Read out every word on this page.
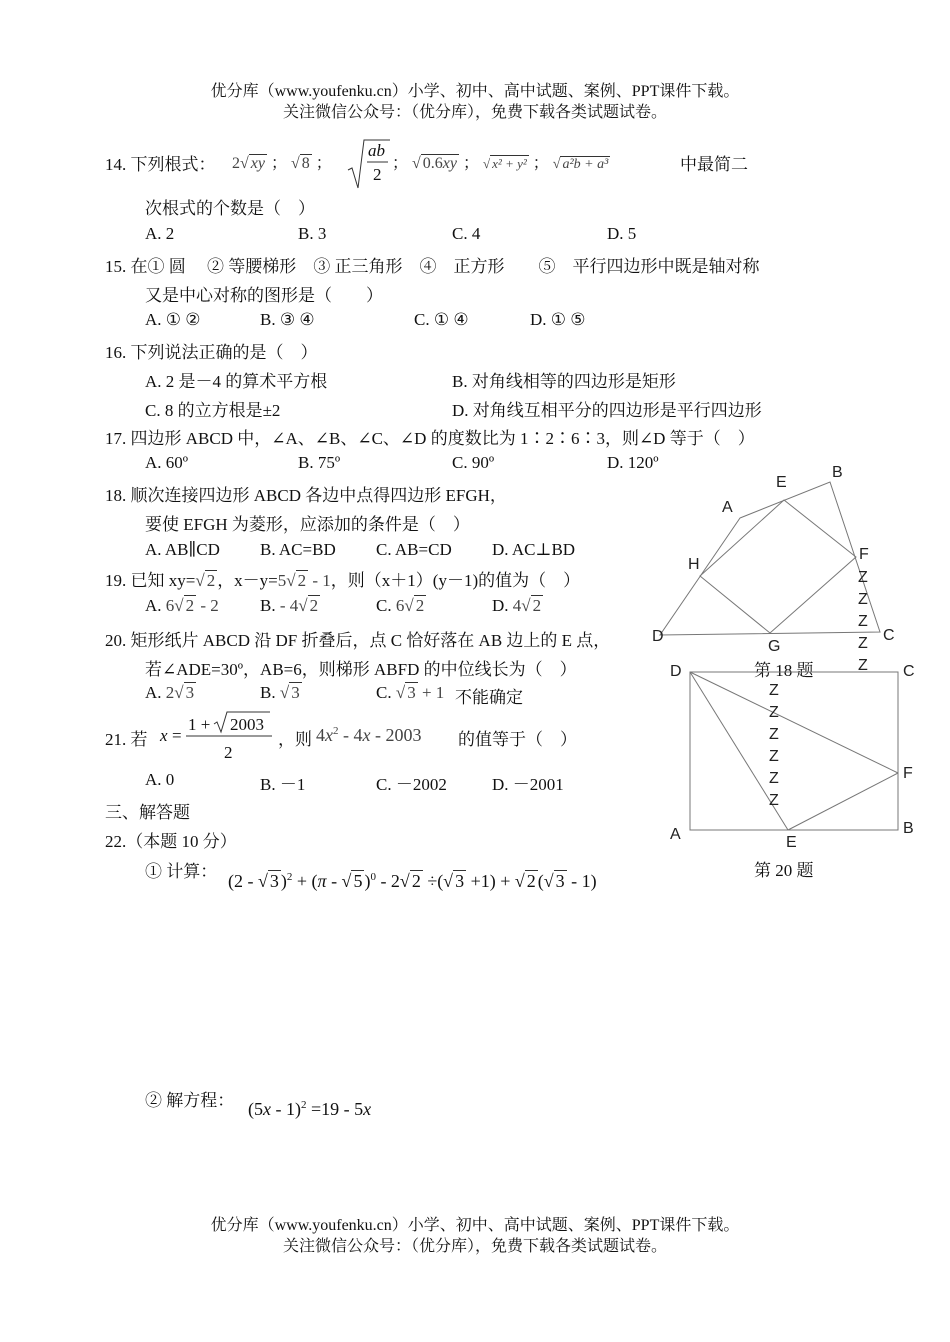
优分库（www.youfenku.cn）小学、初中、高中试题、案例、PPT课件下载。
关注微信公众号：（优分库），免费下载各类试题试卷。
14. 下列根式： 2√ xy ； √ 8 ；
ab
2
； √ 0.6xy ； √ x² + y² ； √ a²b + a³	中最简二
次根式的个数是（　）
A. 2	B. 3	C. 4	D. 5
15. 在① 圆　 ② 等腰梯形　③ 正三角形　④　正方形　　⑤　平行四边形中既是轴对称
又是中心对称的图形是（　　）
A. ① ②	B. ③ ④	C. ① ④	D. ① ⑤
16. 下列说法正确的是（　）
A. 2 是－4 的算术平方根	B. 对角线相等的四边形是矩形
C. 8 的立方根是±2	D. 对角线互相平分的四边形是平行四边形
17. 四边形 ABCD 中，∠A、∠B、∠C、∠D 的度数比为 1∶2∶6∶3，则∠D 等于（　）
A. 60º	B. 75º	C. 90º	D. 120º
18. 顺次连接四边形 ABCD 各边中点得四边形 EFGH，
要使 EFGH 为菱形，应添加的条件是（　）
A. AB∥CD B. AC=BD C. AB=CD D. AC⊥BD
19. 已知 xy=√ 2 ，x－y=5√ 2 - 1，则（x＋1）(y－1)的值为（　）
A. 6√ 2 - 2 B. - 4√ 2	C. 6√ 2	D. 4√ 2
20. 矩形纸片 ABCD 沿 DF 折叠后，点 C 恰好落在 AB 边上的 E 点，
若∠ADE=30º，AB=6，则梯形 ABFD 的中位线长为（　）
A. 2√ 3	B. √ 3	C. √ 3 + 1 不能确定
21. 若 x =
1 + 2003
2
，则 $4x^2 - 4x - 2003$ 的值等于（　）
A. 0	B. －1	C. －2002	D. －2001
三、解答题
22.（本题 10 分）
① 计算： (2 - √ 3 )$^2$ + (π - √ 5 )$^0$ - 2√ 2 ÷(√ 3 +1) + √ 2 (√ 3 - 1)
② 解方程： (5x - 1)$^2$ =19 - 5x
A
B
C
D
E
F
G
H
Z
Z
Z
Z
Z
第 18 题
D	C
F
B
A	E
Z
Z
Z
Z
Z
Z
第 20 题
优分库（www.youfenku.cn）小学、初中、高中试题、案例、PPT课件下载。
关注微信公众号：（优分库），免费下载各类试题试卷。
